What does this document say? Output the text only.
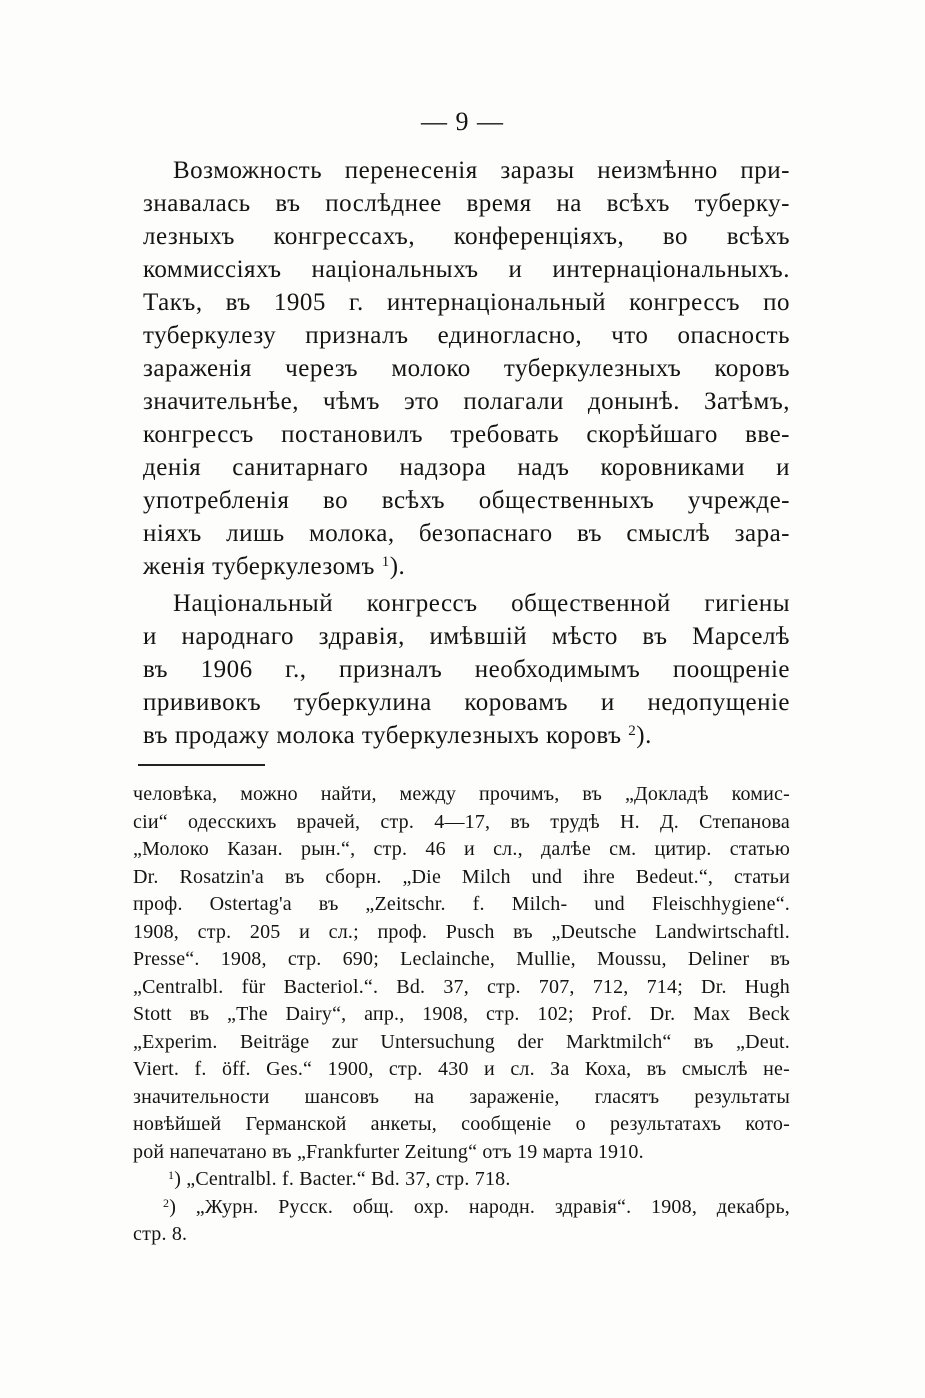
— 9 —
Возможность перенесенія заразы неизмѣнно при-
знавалась въ послѣднее время на всѣхъ туберку-
лезныхъ конгрессахъ, конференціяхъ, во всѣхъ
коммиссіяхъ національныхъ и интернаціональныхъ.
Такъ, въ 1905 г. интернаціональный конгрессъ по
туберкулезу призналъ единогласно, что опасность
зараженія черезъ молоко туберкулезныхъ коровъ
значительнѣе, чѣмъ это полагали донынѣ. Затѣмъ,
конгрессъ постановилъ требовать скорѣйшаго вве-
денія санитарнаго надзора надъ коровниками и
употребленія во всѣхъ общественныхъ учрежде-
ніяхъ лишь молока, безопаснаго въ смыслѣ зара-
женія туберкулезомъ $^1$).
Національный конгрессъ общественной гигіены
и народнаго здравія, имѣвшій мѣсто въ Марселѣ
въ 1906 г., призналъ необходимымъ поощреніе
прививокъ туберкулина коровамъ и недопущеніе
въ продажу молока туберкулезныхъ коровъ $^2$).
человѣка, можно найти, между прочимъ, въ „Докладѣ комис-
сіи“ одесскихъ врачей, стр. 4—17, въ трудѣ Н. Д. Степанова
„Молоко Казан. рын.“, стр. 46 и сл., далѣе см. цитир. статью
Dr. Rosatzin'а въ сборн. „Die Milch und ihre Bedeut.“, статьи
проф. Ostertag'а въ „Zeitschr. f. Milch- und Fleischhygiene“.
1908, стр. 205 и сл.; проф. Pusch въ „Deutsche Landwirtschaftl.
Presse“. 1908, стр. 690; Leclainche, Mullie, Moussu, Deliner въ
„Centralbl. für Bacteriol.“. Bd. 37, стр. 707, 712, 714; Dr. Hugh
Stott въ „The Dairy“, апр., 1908, стр. 102; Prof. Dr. Max Beck
„Experim. Beiträge zur Untersuchung der Marktmilch“ въ „Deut.
Viert. f. öff. Ges.“ 1900, стр. 430 и сл. За Коха, въ смыслѣ не-
значительности шансовъ на зараженіе, гласятъ результаты
новѣйшей Германской анкеты, сообщеніе о результатахъ кото-
рой напечатано въ „Frankfurter Zeitung“ отъ 19 марта 1910.
$^1$) „Centralbl. f. Bacter.“ Bd. 37, стр. 718.
$^2$) „Журн. Русск. общ. охр. народн. здравія“. 1908, декабрь,
стр. 8.
